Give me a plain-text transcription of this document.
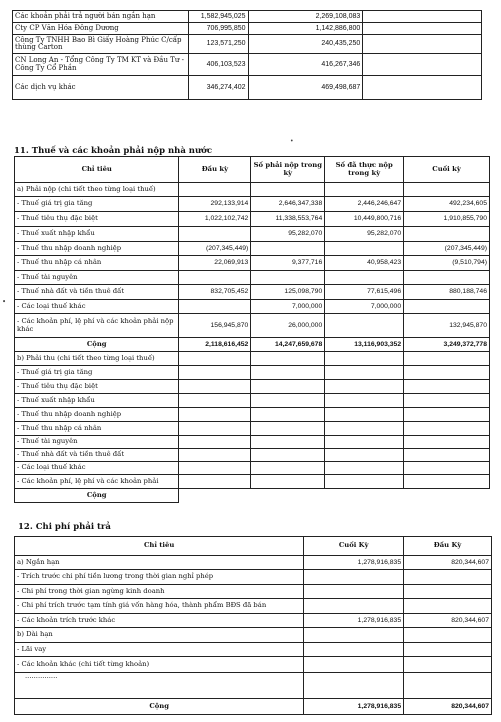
Các khoản phải trả người bán ngắn hạn	1,582,945,025	2,269,108,083	
Cty CP Văn Hóa Đông Dương	706,995,850	1,142,886,800	
Công Ty TNHH Bao Bì Giấy Hoàng Phúc C/cấp thùng Carton	123,571,250	240,435,250	
CN Long An - Tổng Công Ty TM KT và Đầu Tư - Công Ty Cổ Phần	406,103,523	416,267,346	
Các dịch vụ khác	346,274,402	469,498,687	
11. Thuế và các khoản phải nộp nhà nước
Chỉ tiêu	Đầu kỳ	Số phải nộp trong kỳ	Số đã thực nộp trong kỳ	Cuối kỳ
a) Phải nộp (chi tiết theo từng loại thuế)				
- Thuế giá trị gia tăng	292,133,914	2,646,347,338	2,446,246,647	492,234,605
- Thuế tiêu thụ đặc biệt	1,022,102,742	11,338,553,764	10,449,800,716	1,910,855,790
- Thuế xuất nhập khẩu		95,282,070	95,282,070	
- Thuế thu nhập doanh nghiệp	(207,345,449)			(207,345,449)
- Thuế thu nhập cá nhân	22,069,913	9,377,716	40,958,423	(9,510,794)
- Thuế tài nguyên				
- Thuế nhà đất và tiền thuê đất	832,705,452	125,098,790	77,615,496	880,188,746
- Các loại thuế khác		7,000,000	7,000,000	
- Các khoản phí, lệ phí và các khoản phải nộp khác	156,945,870	26,000,000		132,945,870
Cộng	2,118,616,452	14,247,659,678	13,116,903,352	3,249,372,778
b) Phải thu (chi tiết theo từng loại thuế)				
- Thuế giá trị gia tăng				
- Thuế tiêu thụ đặc biệt				
- Thuế xuất nhập khẩu				
- Thuế thu nhập doanh nghiệp				
- Thuế thu nhập cá nhân				
- Thuế tài nguyên				
- Thuế nhà đất và tiền thuê đất				
- Các loại thuế khác				
- Các khoản phí, lệ phí và các khoản phải				
Cộng				
12. Chi phí phải trả
Chỉ tiêu	Cuối Kỳ	Đầu Kỳ
a) Ngắn hạn	1,278,916,835	820,344,607
- Trích trước chi phí tiền lương trong thời gian nghỉ phép		
- Chi phí trong thời gian ngừng kinh doanh		
- Chi phí trích trước tạm tính giá vốn hàng hóa, thành phẩm BĐS đã bán		
- Các khoản trích trước khác	1,278,916,835	820,344,607
b) Dài hạn		
- Lãi vay		
- Các khoản khác (chi tiết từng khoản)		
...............		
Cộng	1,278,916,835	820,344,607
•
•
